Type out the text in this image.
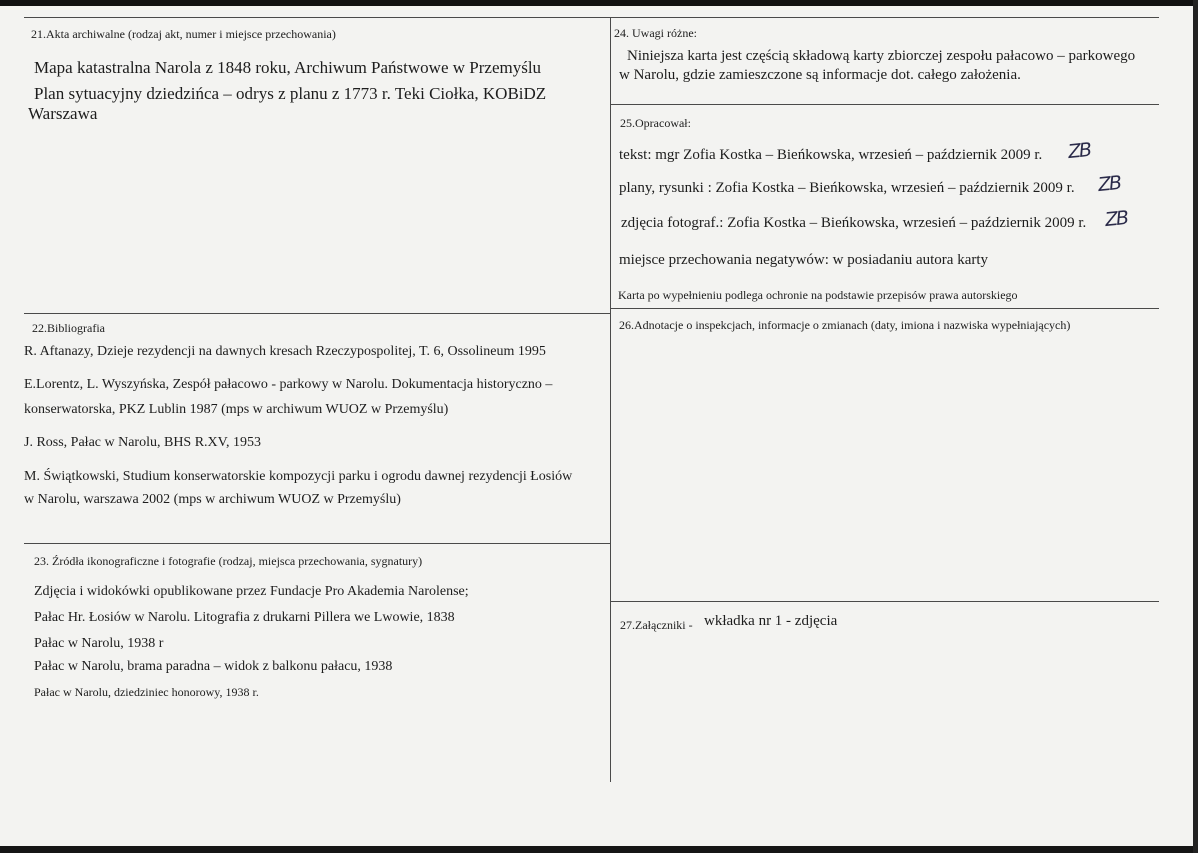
21.Akta archiwalne (rodzaj akt, numer i miejsce przechowania)
Mapa katastralna Narola z 1848 roku, Archiwum Państwowe w Przemyślu
Plan sytuacyjny dziedzińca – odrys z planu z 1773 r. Teki Ciołka, KOBiDZ
Warszawa
22.Bibliografia
R. Aftanazy, Dzieje rezydencji na dawnych kresach Rzeczypospolitej, T. 6, Ossolineum 1995
E.Lorentz, L. Wyszyńska, Zespół pałacowo - parkowy w Narolu. Dokumentacja historyczno –
konserwatorska, PKZ Lublin 1987 (mps w archiwum WUOZ w Przemyślu)
J. Ross, Pałac w Narolu, BHS R.XV, 1953
M. Świątkowski, Studium konserwatorskie kompozycji parku i ogrodu dawnej rezydencji Łosiów
w Narolu, warszawa 2002 (mps w archiwum WUOZ w Przemyślu)
23. Źródła ikonograficzne i fotografie (rodzaj, miejsca przechowania, sygnatury)
Zdjęcia i widokówki opublikowane przez Fundacje Pro Akademia Narolense;
Pałac Hr. Łosiów w Narolu. Litografia z drukarni Pillera we Lwowie, 1838
Pałac w Narolu, 1938 r
Pałac w Narolu, brama paradna – widok z balkonu pałacu, 1938
Pałac w Narolu, dziedziniec honorowy, 1938 r.
24. Uwagi różne:
Niniejsza karta jest częścią składową karty zbiorczej zespołu pałacowo – parkowego
w Narolu, gdzie zamieszczone są informacje dot. całego założenia.
25.Opracował:
tekst: mgr Zofia Kostka – Bieńkowska, wrzesień – październik 2009 r. ZB
plany, rysunki : Zofia Kostka – Bieńkowska, wrzesień – październik 2009 r. ZB
zdjęcia fotograf.: Zofia Kostka – Bieńkowska, wrzesień – październik 2009 r. ZB
miejsce przechowania negatywów: w posiadaniu autora karty
Karta po wypełnieniu podlega ochronie na podstawie przepisów prawa autorskiego
26.Adnotacje o inspekcjach, informacje o zmianach (daty, imiona i nazwiska wypełniających)
27.Załączniki - wkładka nr 1 - zdjęcia
